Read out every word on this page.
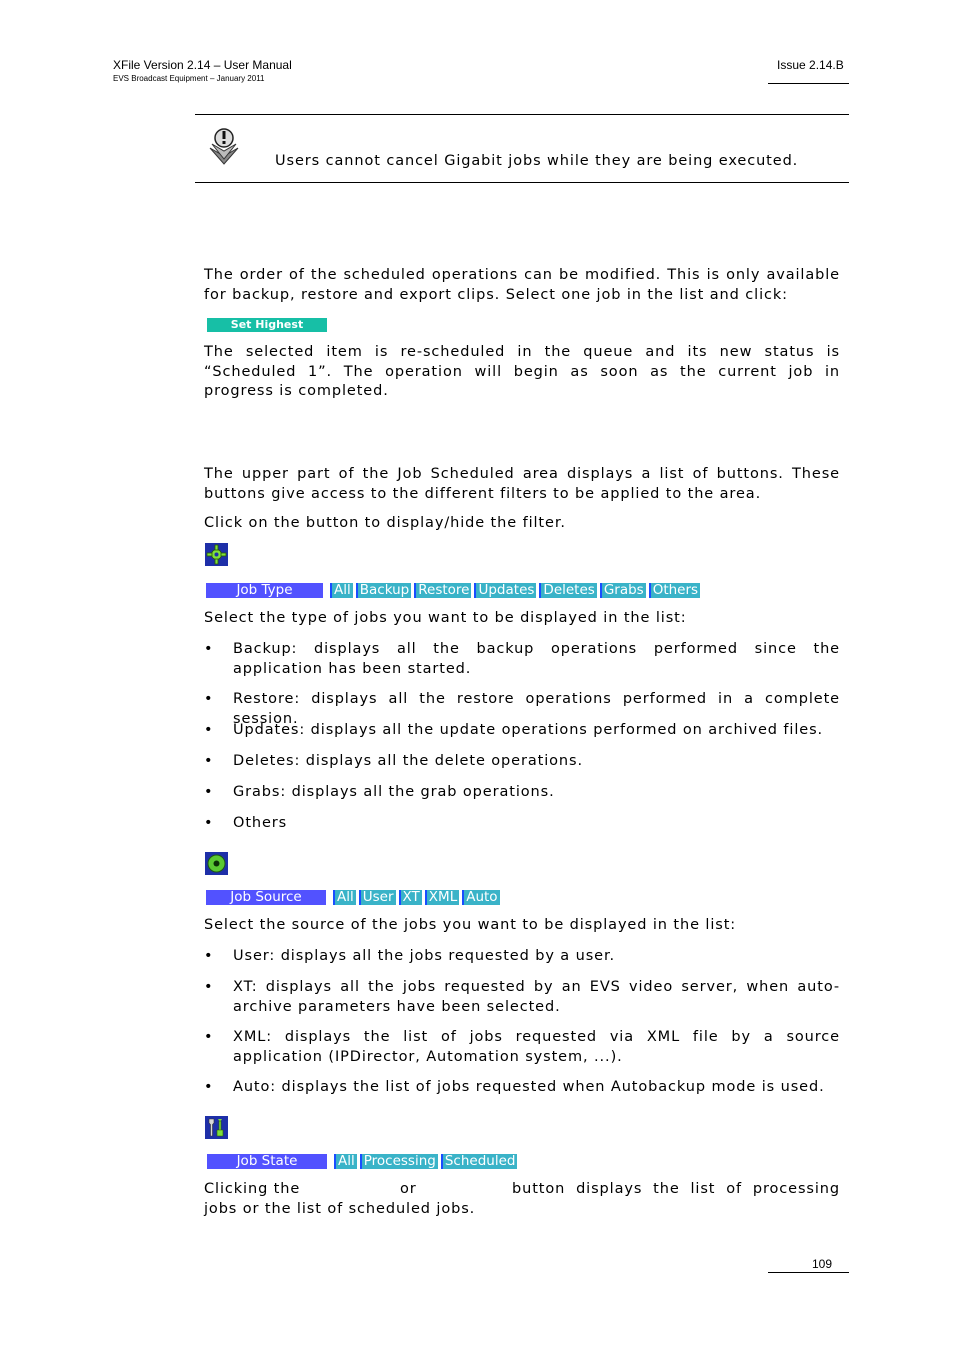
XFile Version 2.14 – User Manual
EVS Broadcast Equipment – January 2011
Issue 2.14.B
Users cannot cancel Gigabit jobs while they are being executed.
The order of the scheduled operations can be modified. This is only available for backup, restore and export clips. Select one job in the list and click:
Set Highest Priority
The selected item is re-scheduled in the queue and its new status is “Scheduled 1”. The operation will begin as soon as the current job in progress is completed.
The upper part of the Job Scheduled area displays a list of buttons. These buttons give access to the different filters to be applied to the area.
Click on the button to display/hide the filter.
Job Type	All Backup Restore Updates Deletes Grabs Others
Select the type of jobs you want to be displayed in the list:
• Backup: displays all the backup operations performed since the application has been started.
• Restore: displays all the restore operations performed in a complete session.
• Updates: displays all the update operations performed on archived files.
• Deletes: displays all the delete operations.
• Grabs: displays all the grab operations.
• Others
Job Source	All User XT XML Auto
Select the source of the jobs you want to be displayed in the list:
• User: displays all the jobs requested by a user.
• XT: displays all the jobs requested by an EVS video server, when auto-archive parameters have been selected.
• XML: displays the list of jobs requested via XML file by a source application (IPDirector, Automation system, ...).
• Auto: displays the list of jobs requested when Autobackup mode is used.
Job State	All Processing Scheduled
Clicking the	or	button displays the list of processing jobs or the list of scheduled jobs.
109
